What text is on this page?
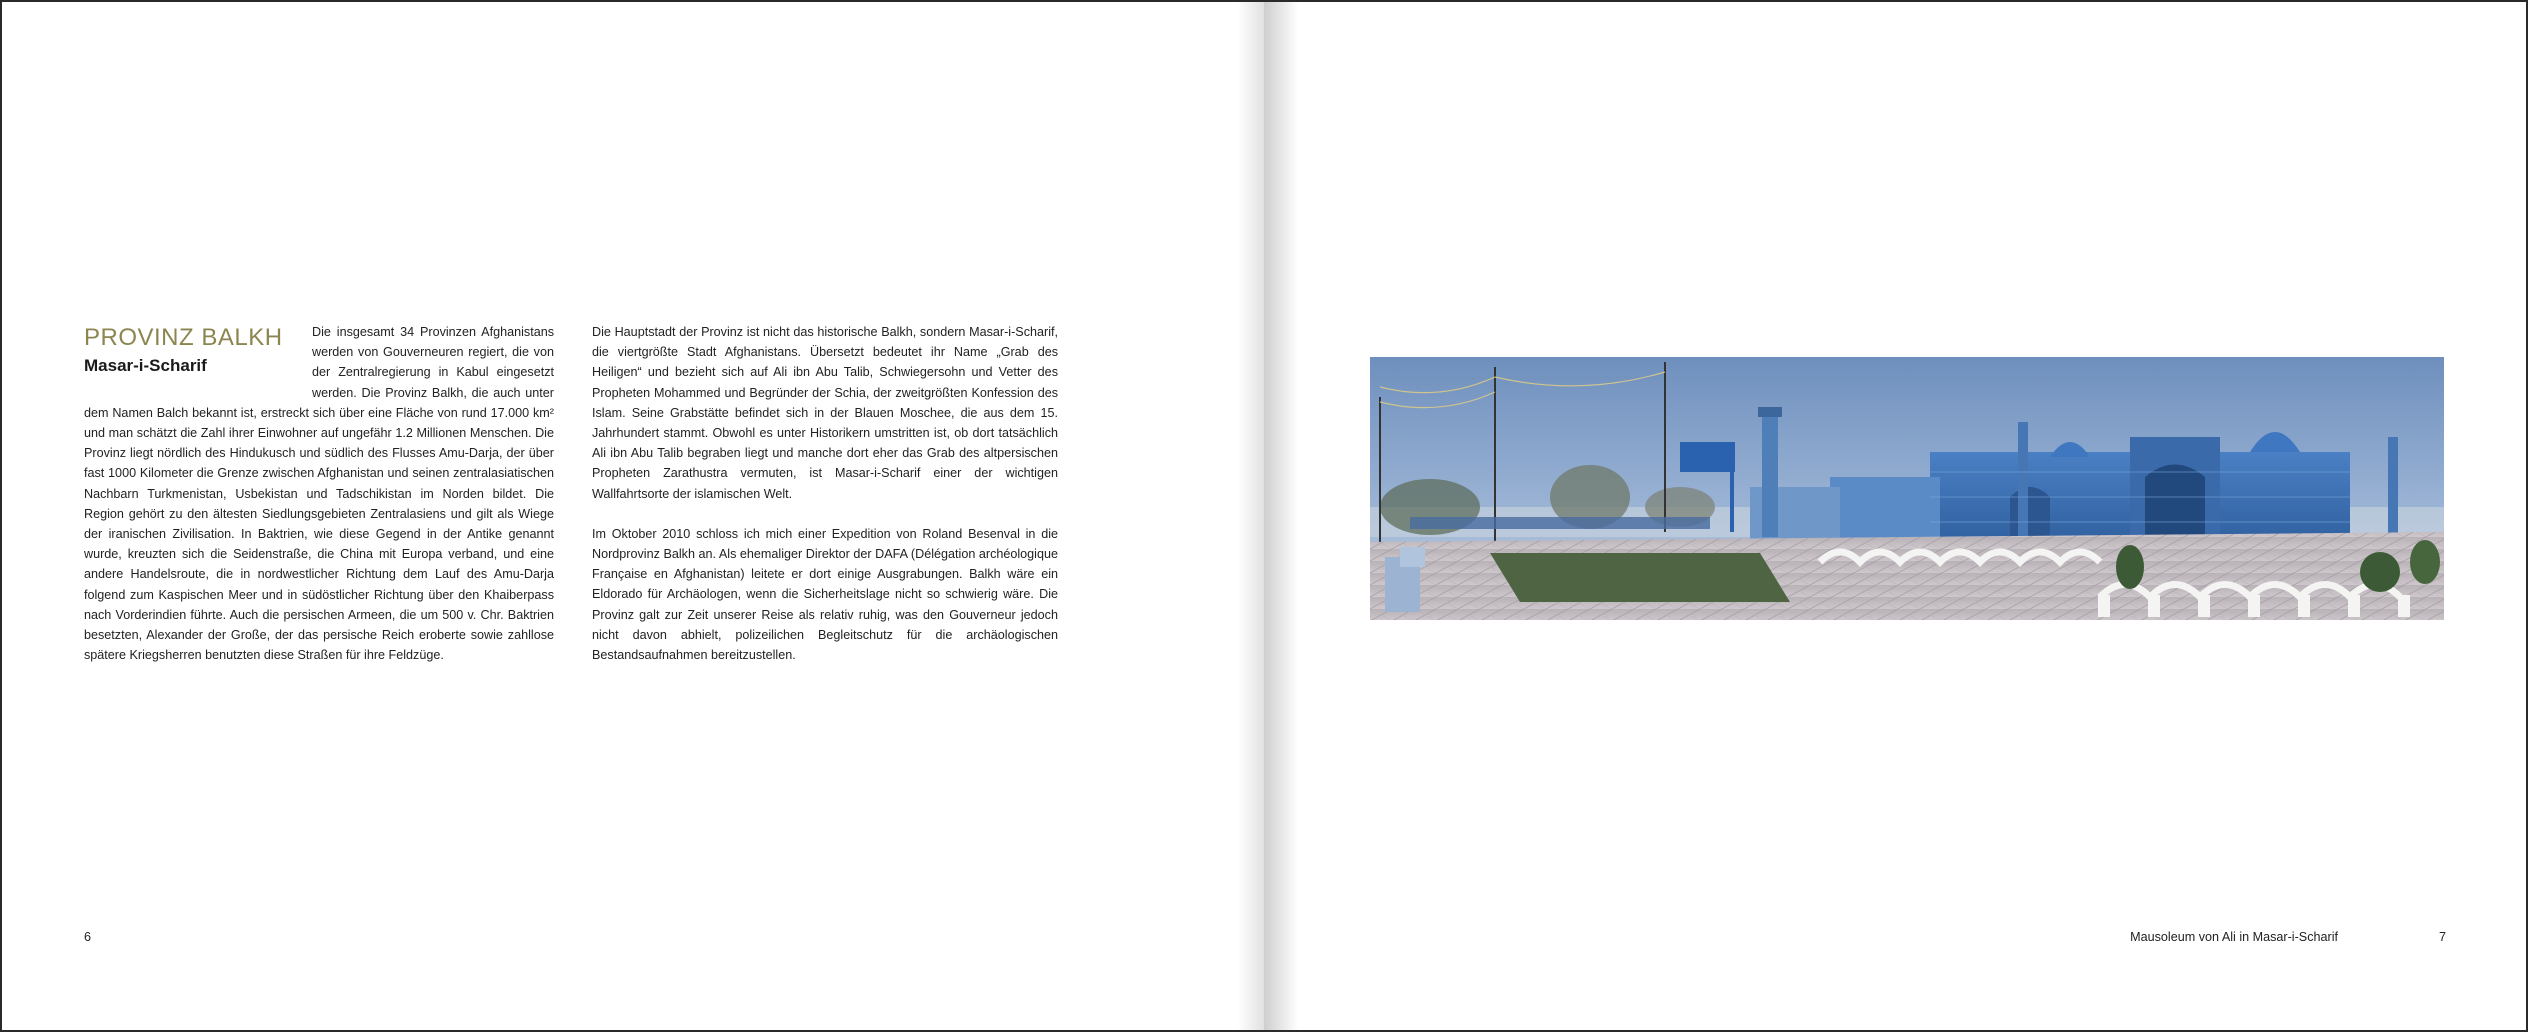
PROVINZ BALKH
Masar-i-Scharif

Die insgesamt 34 Provinzen Afghanistans werden von Gouverneuren regiert, die von der Zentralregierung in Kabul eingesetzt werden. Die Provinz Balkh, die auch unter dem Namen Balch bekannt ist, erstreckt sich über eine Fläche von rund 17.000 km² und man schätzt die Zahl ihrer Einwohner auf ungefähr 1.2 Millionen Menschen. Die Provinz liegt nördlich des Hindukusch und südlich des Flusses Amu-Darja, der über fast 1000 Kilometer die Grenze zwischen Afghanistan und seinen zentralasiatischen Nachbarn Turkmenistan, Usbekistan und Tadschikistan im Norden bildet. Die Region gehört zu den ältesten Siedlungsgebieten Zentralasiens und gilt als Wiege der iranischen Zivilisation. In Baktrien, wie diese Gegend in der Antike genannt wurde, kreuzten sich die Seidenstraße, die China mit Europa verband, und eine andere Handelsroute, die in nordwestlicher Richtung dem Lauf des Amu-Darja folgend zum Kaspischen Meer und in südöstlicher Richtung über den Khaiberpass nach Vorderindien führte. Auch die persischen Armeen, die um 500 v. Chr. Baktrien besetzten, Alexander der Große, der das persische Reich eroberte sowie zahllose spätere Kriegsherren benutzten diese Straßen für ihre Feldzüge.

Die Hauptstadt der Provinz ist nicht das historische Balkh, sondern Masar-i-Scharif, die viertgrößte Stadt Afghanistans. Übersetzt bedeutet ihr Name „Grab des Heiligen“ und bezieht sich auf Ali ibn Abu Talib, Schwiegersohn und Vetter des Propheten Mohammed und Begründer der Schia, der zweitgrößten Konfession des Islam. Seine Grabstätte befindet sich in der Blauen Moschee, die aus dem 15. Jahrhundert stammt. Obwohl es unter Historikern umstritten ist, ob dort tatsächlich Ali ibn Abu Talib begraben liegt und manche dort eher das Grab des altpersischen Propheten Zarathustra vermuten, ist Masar-i-Scharif einer der wichtigen Wallfahrtsorte der islamischen Welt.

Im Oktober 2010 schloss ich mich einer Expedition von Roland Besenval in die Nordprovinz Balkh an. Als ehemaliger Direktor der DAFA (Délégation archéologique Française en Afghanistan) leitete er dort einige Ausgrabungen. Balkh wäre ein Eldorado für Archäologen, wenn die Sicherheitslage nicht so schwierig wäre. Die Provinz galt zur Zeit unserer Reise als relativ ruhig, was den Gouverneur jedoch nicht davon abhielt, polizeilichen Begleitschutz für die archäologischen Bestandsaufnahmen bereitzustellen.

6	Mausoleum von Ali in Masar-i-Scharif	7
